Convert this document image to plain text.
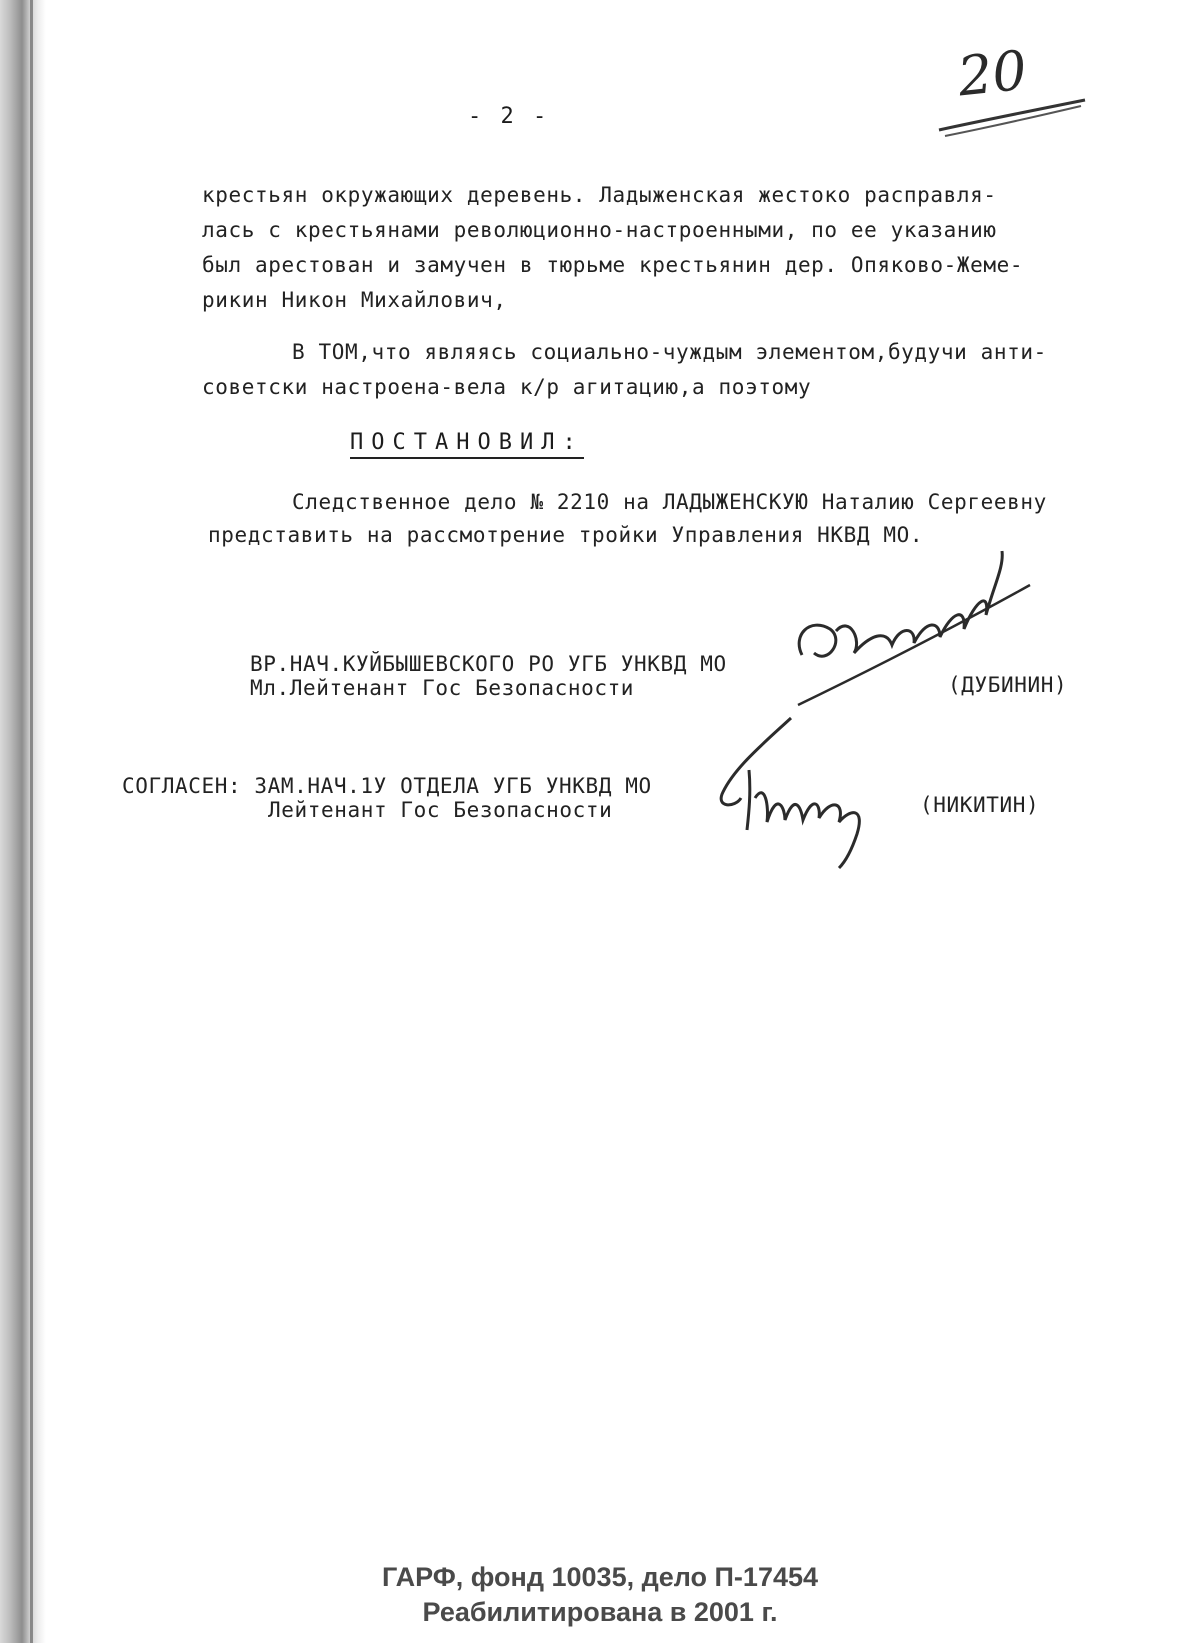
20
- 2 -
крестьян окружающих деревень. Ладыженская жестоко расправля-
лась с крестьянами революционно-настроенными, по ее указанию
был арестован и замучен в тюрьме крестьянин дер. Опяково-Жеме-
рикин Никон Михайлович,
В ТОМ,что являясь социально-чуждым элементом,будучи анти-
советски настроена-вела к/р агитацию,а поэтому
ПОСТАНОВИЛ:
Следственное дело № 2210 на ЛАДЫЖЕНСКУЮ Наталию Сергеевну
представить на рассмотрение тройки Управления НКВД МО.
ВР.НАЧ.КУЙБЫШЕВСКОГО РО УГБ УНКВД МО
Мл.Лейтенант Гос Безопасности	(ДУБИНИН)
СОГЛАСЕН: ЗАМ.НАЧ.1У ОТДЕЛА УГБ УНКВД МО
Лейтенант Гос Безопасности	(НИКИТИН)
ГАРФ, фонд 10035, дело П-17454
Реабилитирована в 2001 г.
